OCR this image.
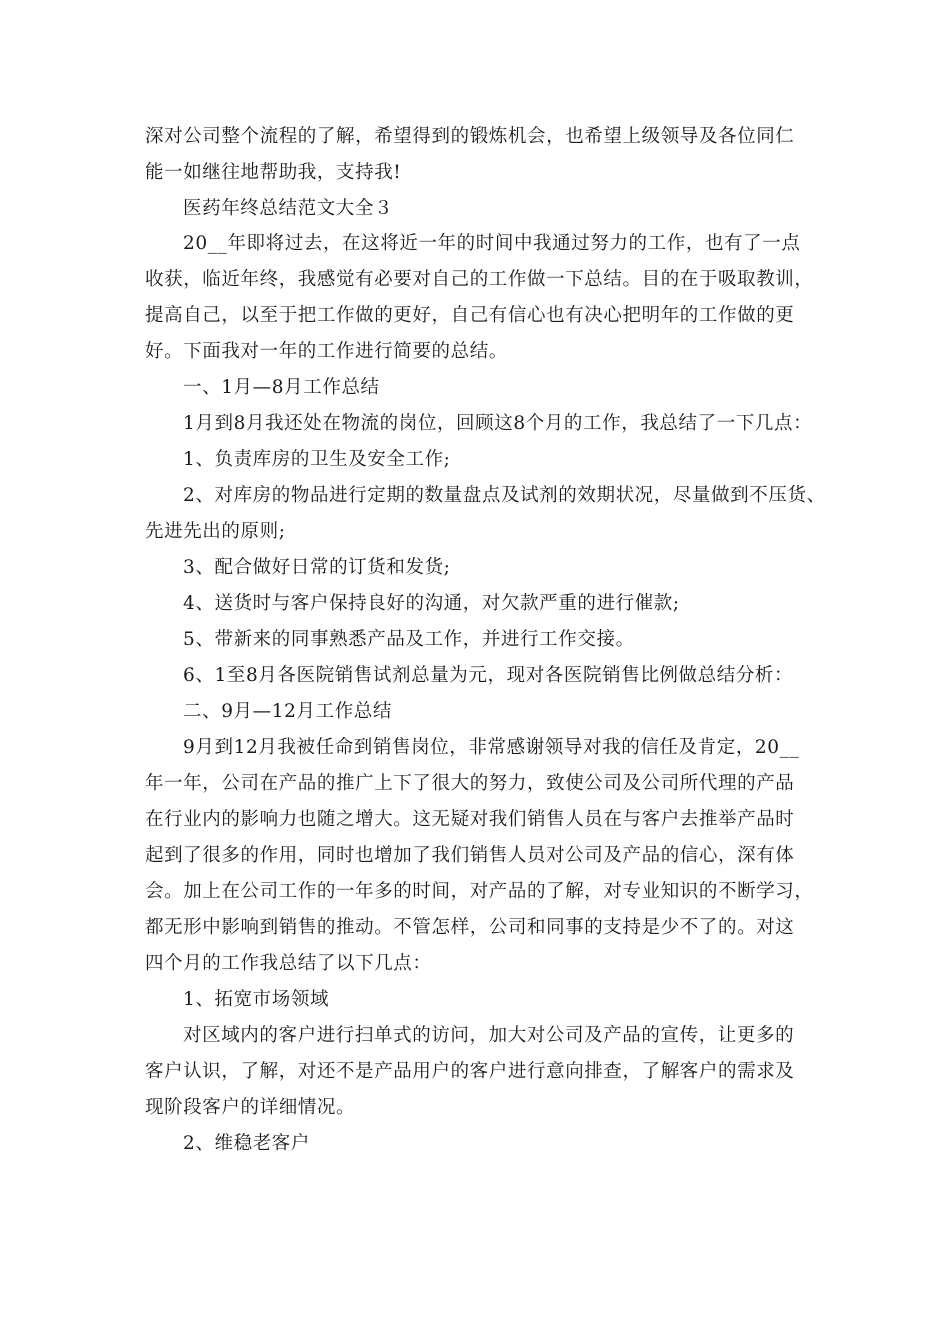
深对公司整个流程的了解，希望得到的锻炼机会，也希望上级领导及各位同仁
能一如继往地帮助我，支持我!
医药年终总结范文大全３
20__年即将过去，在这将近一年的时间中我通过努力的工作，也有了一点
收获，临近年终，我感觉有必要对自己的工作做一下总结。目的在于吸取教训，
提高自己，以至于把工作做的更好，自己有信心也有决心把明年的工作做的更
好。下面我对一年的工作进行简要的总结。
一、1月—8月工作总结
1月到8月我还处在物流的岗位，回顾这8个月的工作，我总结了一下几点：
1、负责库房的卫生及安全工作;
2、对库房的物品进行定期的数量盘点及试剂的效期状况，尽量做到不压货、
先进先出的原则;
3、配合做好日常的订货和发货;
4、送货时与客户保持良好的沟通，对欠款严重的进行催款;
5、带新来的同事熟悉产品及工作，并进行工作交接。
6、1至8月各医院销售试剂总量为元，现对各医院销售比例做总结分析：
二、9月—12月工作总结
9月到12月我被任命到销售岗位，非常感谢领导对我的信任及肯定，20__
年一年，公司在产品的推广上下了很大的努力，致使公司及公司所代理的产品
在行业内的影响力也随之增大。这无疑对我们销售人员在与客户去推举产品时
起到了很多的作用，同时也增加了我们销售人员对公司及产品的信心，深有体
会。加上在公司工作的一年多的时间，对产品的了解，对专业知识的不断学习，
都无形中影响到销售的推动。不管怎样，公司和同事的支持是少不了的。对这
四个月的工作我总结了以下几点：
1、拓宽市场领域
对区域内的客户进行扫单式的访问，加大对公司及产品的宣传，让更多的
客户认识，了解，对还不是产品用户的客户进行意向排查，了解客户的需求及
现阶段客户的详细情况。
2、维稳老客户
